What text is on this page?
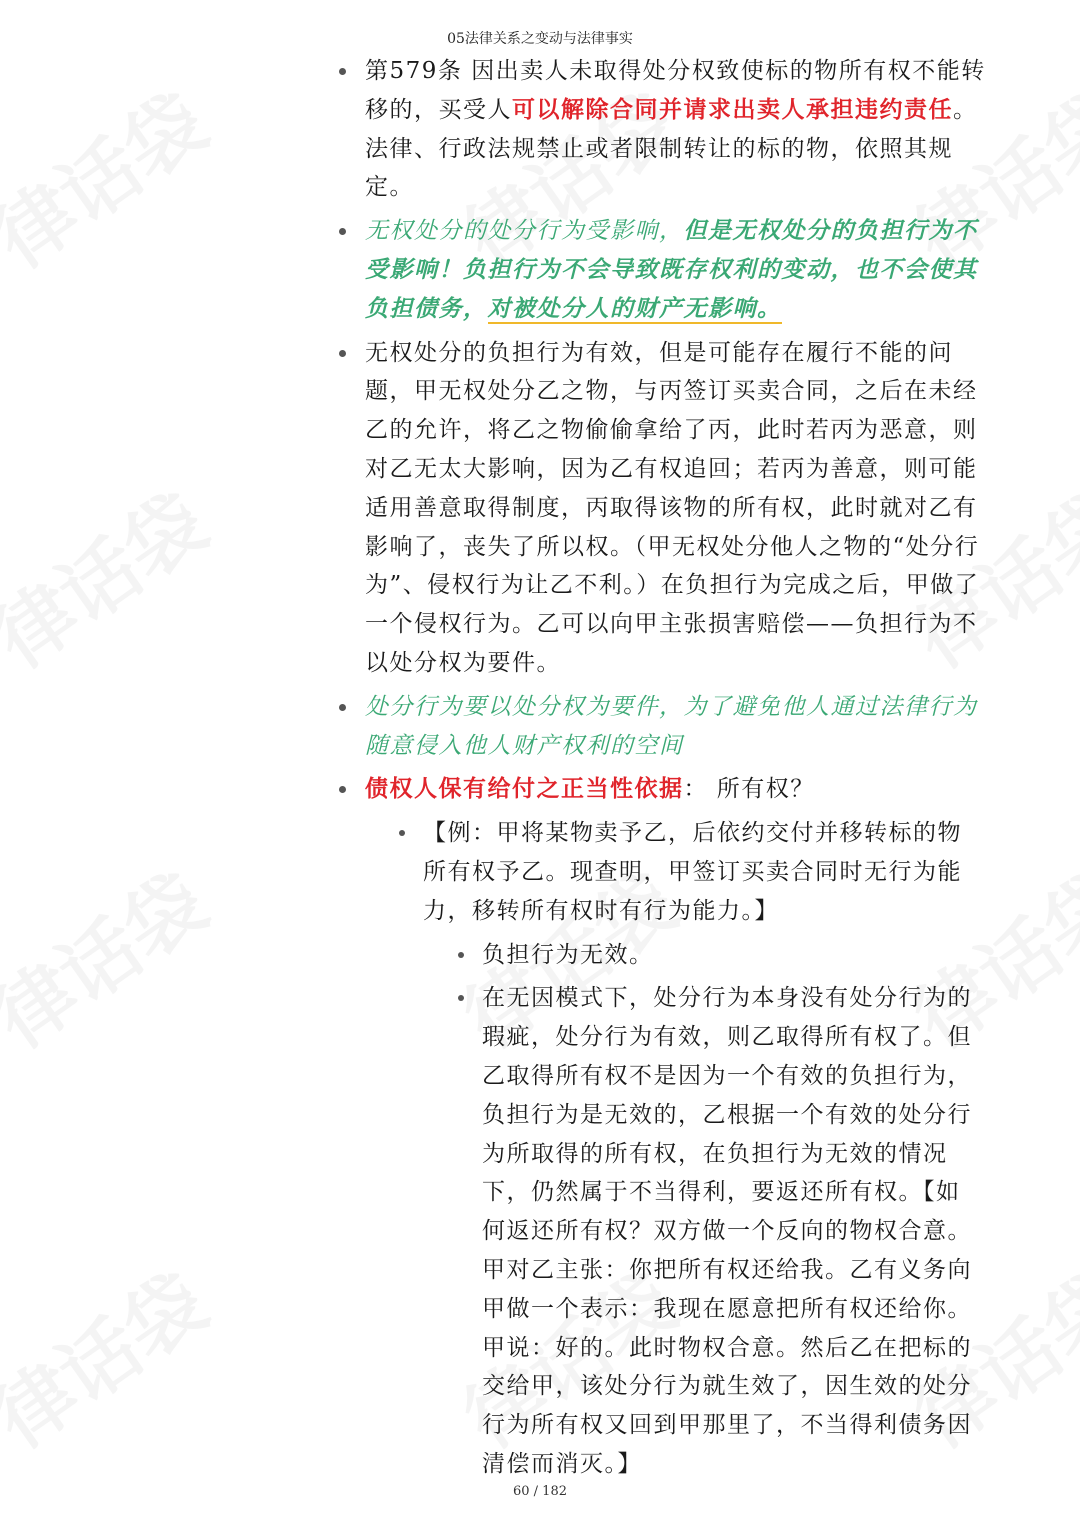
05法律关系之变动与法律事实
第579条 因出卖人未取得处分权致使标的物所有权不能转移的，买受人可以解除合同并请求出卖人承担违约责任。法律、行政法规禁止或者限制转让的标的物，依照其规定。
无权处分的处分行为受影响，但是无权处分的负担行为不受影响！负担行为不会导致既存权利的变动，也不会使其负担债务，对被处分人的财产无影响。
无权处分的负担行为有效，但是可能存在履行不能的问题，甲无权处分乙之物，与丙签订买卖合同，之后在未经乙的允许，将乙之物偷偷拿给了丙，此时若丙为恶意，则对乙无太大影响，因为乙有权追回；若丙为善意，则可能适用善意取得制度，丙取得该物的所有权，此时就对乙有影响了，丧失了所以权。（甲无权处分他人之物的“处分行为”、侵权行为让乙不利。）在负担行为完成之后，甲做了一个侵权行为。乙可以向甲主张损害赔偿——负担行为不以处分权为要件。
处分行为要以处分权为要件，为了避免他人通过法律行为随意侵入他人财产权利的空间
债权人保有给付之正当性依据： 所有权？
【例：甲将某物卖予乙，后依约交付并移转标的物所有权予乙。现查明，甲签订买卖合同时无行为能力，移转所有权时有行为能力。】
负担行为无效。
在无因模式下，处分行为本身没有处分行为的瑕疵，处分行为有效，则乙取得所有权了。但乙取得所有权不是因为一个有效的负担行为，负担行为是无效的，乙根据一个有效的处分行为所取得的所有权，在负担行为无效的情况下，仍然属于不当得利，要返还所有权。【如何返还所有权？双方做一个反向的物权合意。甲对乙主张：你把所有权还给我。乙有义务向甲做一个表示：我现在愿意把所有权还给你。甲说：好的。此时物权合意。然后乙在把标的交给甲，该处分行为就生效了，因生效的处分行为所有权又回到甲那里了，不当得利债务因清偿而消灭。】
60 / 182
